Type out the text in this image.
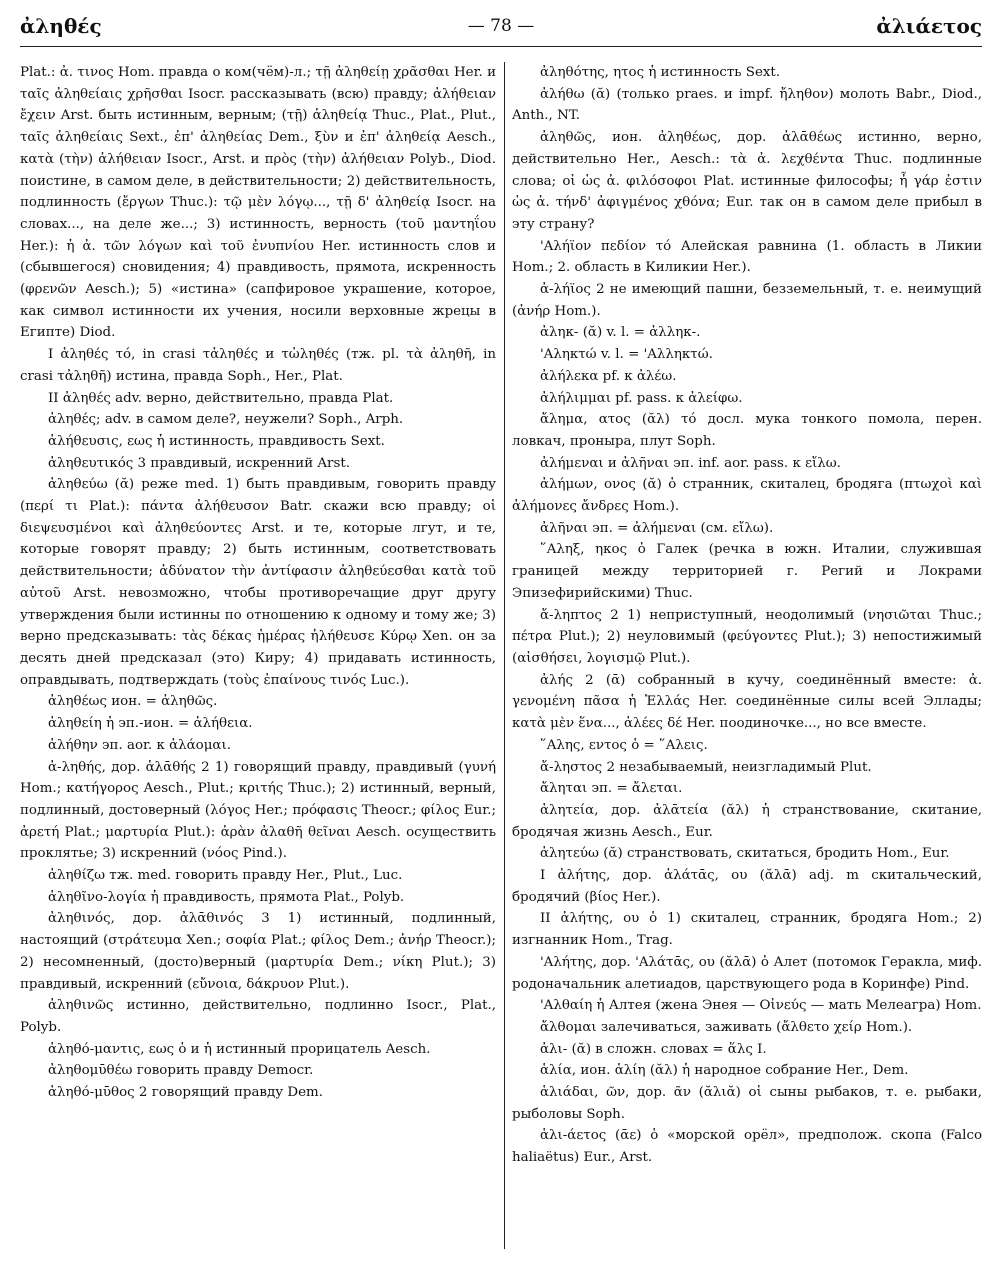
ἀληθές	— 78 —	ἀλιάετος

Plat.: ἀ. τινος Hom. правда о ком(чём)-л.; τῇ ἀληθείῃ χρᾶσθαι Her. и ταῖς ἀληθείαις χρῆσθαι Isocr. рассказывать (всю) правду; ἀλήθειαν ἔχειν Arst. быть истинным, верным; (τῇ) ἀληθείᾳ Thuc., Plat., Plut., ταῖς ἀληθείαις Sext., ἐπ' ἀληθείας Dem., ξὺν и ἐπ' ἀληθείᾳ Aesch., κατὰ (τὴν) ἀλήθειαν Isocr., Arst. и πρὸς (τὴν) ἀλήθειαν Polyb., Diod. поистине, в самом деле, в действительности; 2) действительность, подлинность (ἔργων Thuc.): τῷ μὲν λόγῳ..., τῇ δ' ἀληθείᾳ Isocr. на словах..., на деле же...; 3) истинность, верность (τοῦ μαντηΐου Her.): ἡ ἀ. τῶν λόγων καὶ τοῦ ἐνυπνίου Her. истинность слов и (сбывшегося) сновидения; 4) правдивость, прямота, искренность (φρενῶν Aesch.); 5) «истина» (сапфировое украшение, которое, как символ истинности их учения, носили верховные жрецы в Египте) Diod.

I ἀληθές τό, in crasi τἀληθές и τὠληθές (тж. pl. τὰ ἀληθῆ, in crasi τἀληθῆ) истина, правда Soph., Her., Plat.

II ἀληθές adv. верно, действительно, правда Plat.

ἀληθές; adv. в самом деле?, неужели? Soph., Arph.

ἀλήθευσις, εως ἡ истинность, правдивость Sext.

ἀληθευτικός 3 правдивый, искренний Arst.

ἀληθεύω (ᾰ) реже med. 1) быть правдивым, говорить правду (περί τι Plat.): πάντα ἀλήθευσον Batr. скажи всю правду; οἱ διεψευσμένοι καὶ ἀληθεύοντες Arst. и те, которые лгут, и те, которые говорят правду; 2) быть истинным, соответствовать действительности; ἀδύνατον τὴν ἀντίφασιν ἀληθεύεσθαι κατὰ τοῦ αὐτοῦ Arst. невозможно, чтобы противоречащие друг другу утверждения были истинны по отношению к одному и тому же; 3) верно предсказывать: τὰς δέκας ἡμέρας ἠλήθευσε Κύρῳ Xen. он за десять дней предсказал (это) Киру; 4) придавать истинность, оправдывать, подтверждать (τοὺς ἐπαίνους τινός Luc.).

ἀληθέως ион. = ἀληθῶς.

ἀληθείη ἡ эп.-ион. = ἀλήθεια.

ἀλήθην эп. aor. к ἀλάομαι.

ἀ-ληθής, дор. ἀλᾱθής 2 1) говорящий правду, правдивый (γυνή Hom.; κατήγορος Aesch., Plut.; κριτής Thuc.); 2) истинный, верный, подлинный, достоверный (λόγος Her.; πρόφασις Theocr.; φίλος Eur.; ἀρετή Plat.; μαρτυρία Plut.): ἀρὰν ἀλαθῆ θεῖναι Aesch. осуществить проклятье; 3) искренний (νόος Pind.).

ἀληθίζω тж. med. говорить правду Her., Plut., Luc.

ἀληθῖνο-λογία ἡ правдивость, прямота Plat., Polyb.

ἀληθινός, дор. ἀλᾱθινός 3 1) истинный, подлинный, настоящий (στράτευμα Xen.; σοφία Plat.; φίλος Dem.; ἀνήρ Theocr.); 2) несомненный, (досто)верный (μαρτυρία Dem.; νίκη Plut.); 3) правдивый, искренний (εὔνοια, δάκρυον Plut.).

ἀληθινῶς истинно, действительно, подлинно Isocr., Plat., Polyb.

ἀληθό-μαντις, εως ὁ и ἡ истинный прорицатель Aesch.

ἀληθομῡθέω говорить правду Democr.

ἀληθό-μῡθος 2 говорящий правду Dem.

ἀληθότης, ητος ἡ истинность Sext.

ἀλήθω (ᾰ) (только praes. и impf. ἤληθον) молоть Babr., Diod., Anth., NT.

ἀληθῶς, ион. ἀληθέως, дор. ἀλᾱθέως истинно, верно, действительно Her., Aesch.: τὰ ἀ. λεχθέντα Thuc. подлинные слова; οἱ ὡς ἀ. φιλόσοφοι Plat. истинные философы; ἦ γάρ ἐστιν ὡς ἀ. τήνδ' ἀφιγμένος χθόνα; Eur. так он в самом деле прибыл в эту страну?

'Αλήϊον πεδίον τό Алейская равнина (1. область в Ликии Hom.; 2. область в Киликии Her.).

ἀ-λήϊος 2 не имеющий пашни, безземельный, т. е. неимущий (ἀνήρ Hom.).

ἀληκ- (ᾰ) v. l. = ἀλληκ-.

'Αληκτώ v. l. = 'Αλληκτώ.

ἀλήλεκα pf. к ἀλέω.

ἀλήλιμμαι pf. pass. к ἀλείφω.

ἄλημα, ατος (ᾰλ) τό досл. мука тонкого помола, перен. ловкач, проныра, плут Soph.

ἀλήμεναι и ἀλῆναι эп. inf. aor. pass. к εἴλω.

ἀλήμων, ονος (ᾰ) ὁ странник, скиталец, бродяга (πτωχοὶ καὶ ἀλήμονες ἄνδρες Hom.).

ἀλῆναι эп. = ἀλήμεναι (см. εἴλω).

῞Αληξ, ηκος ὁ Галек (речка в южн. Италии, служившая границей между территорией г. Регий и Локрами Эпизефирийскими) Thuc.

ἄ-ληπτος 2 1) неприступный, неодолимый (νησιῶται Thuc.; πέτρα Plut.); 2) неуловимый (φεύγοντες Plut.); 3) непостижимый (αἰσθήσει, λογισμῷ Plut.).

ἀλής 2 (ᾱ) собранный в кучу, соединённый вместе: ἀ. γενομένη πᾶσα ἡ Ἑλλάς Her. соединённые силы всей Эллады; κατὰ μὲν ἕνα..., ἀλέες δέ Her. поодиночке..., но все вместе.

῞Αλης, εντος ὁ = ῞Αλεις.

ἄ-ληστος 2 незабываемый, неизгладимый Plut.

ἄληται эп. = ἄλεται.

ἀλητεία, дор. ἀλᾱτεία (ᾰλ) ἡ странствование, скитание, бродячая жизнь Aesch., Eur.

ἀλητεύω (ᾰ) странствовать, скитаться, бродить Hom., Eur.

I ἀλήτης, дор. ἀλάτᾱς, ου (ᾰλᾱ) adj. m скитальческий, бродячий (βίος Her.).

II ἀλήτης, ου ὁ 1) скиталец, странник, бродяга Hom.; 2) изгнанник Hom., Trag.

'Αλήτης, дор. 'Αλάτᾱς, ου (ᾰλᾱ) ὁ Алет (потомок Геракла, миф. родоначальник алетиадов, царствующего рода в Коринфе) Pind.

'Αλθαίη ἡ Алтея (жена Энея — Οἰνεύς — мать Мелеагра) Hom.

ἄλθομαι залечиваться, заживать (ἄλθετο χείρ Hom.).

ἀλι- (ᾰ) в сложн. словах = ἅλς I.

ἁλία, ион. ἁλίη (ᾰλ) ἡ народное собрание Her., Dem.

ἁλιάδαι, ῶν, дор. ᾶν (ᾰλιᾰ) οἱ сыны рыбаков, т. е. рыбаки, рыболовы Soph.

ἁλι-άετος (ᾱε) ὁ «морской орёл», предполож. скопа (Falco haliaëtus) Eur., Arst.
